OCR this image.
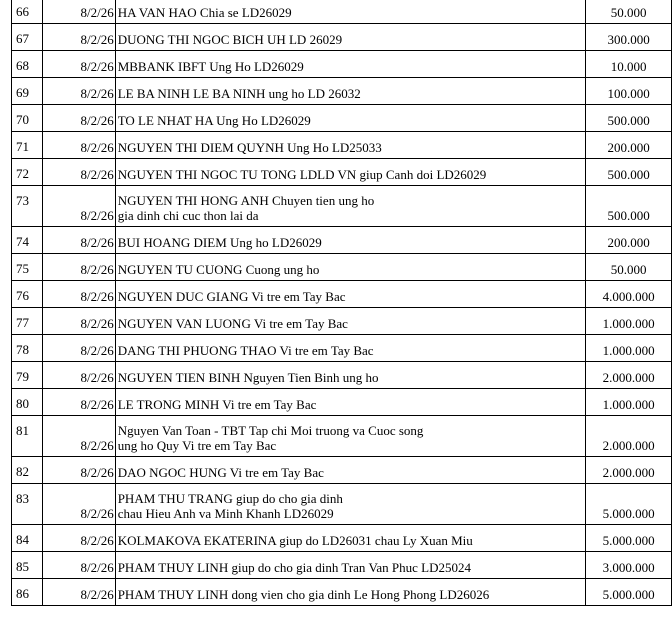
66	8/2/26	HA VAN HAO Chia se LD26029	50.000
67	8/2/26	DUONG THI NGOC BICH UH LD 26029	300.000
68	8/2/26	MBBANK IBFT Ung Ho LD26029	10.000
69	8/2/26	LE BA NINH LE BA NINH ung ho LD 26032	100.000
70	8/2/26	TO LE NHAT HA Ung Ho LD26029	500.000
71	8/2/26	NGUYEN THI DIEM QUYNH Ung Ho LD25033	200.000
72	8/2/26	NGUYEN THI NGOC TU TONG LDLD VN giup Canh doi LD26029	500.000
73	8/2/26	NGUYEN THI HONG ANH Chuyen tien ung ho
gia dinh chi cuc thon lai da	500.000
74	8/2/26	BUI HOANG DIEM Ung ho LD26029	200.000
75	8/2/26	NGUYEN TU CUONG Cuong ung ho	50.000
76	8/2/26	NGUYEN DUC GIANG Vi tre em Tay Bac	4.000.000
77	8/2/26	NGUYEN VAN LUONG Vi tre em Tay Bac	1.000.000
78	8/2/26	DANG THI PHUONG THAO Vi tre em Tay Bac	1.000.000
79	8/2/26	NGUYEN TIEN BINH Nguyen Tien Binh ung ho	2.000.000
80	8/2/26	LE TRONG MINH Vi tre em Tay Bac	1.000.000
81	8/2/26	Nguyen Van Toan - TBT Tap chi Moi truong va Cuoc song
ung ho Quy Vi tre em Tay Bac	2.000.000
82	8/2/26	DAO NGOC HUNG Vi tre em Tay Bac	2.000.000
83	8/2/26	PHAM THU TRANG giup do cho gia dinh
chau Hieu Anh va Minh Khanh LD26029	5.000.000
84	8/2/26	KOLMAKOVA EKATERINA giup do LD26031 chau Ly Xuan Miu	5.000.000
85	8/2/26	PHAM THUY LINH giup do cho gia dinh Tran Van Phuc LD25024	3.000.000
86	8/2/26	PHAM THUY LINH dong vien cho gia dinh Le Hong Phong LD26026	5.000.000
